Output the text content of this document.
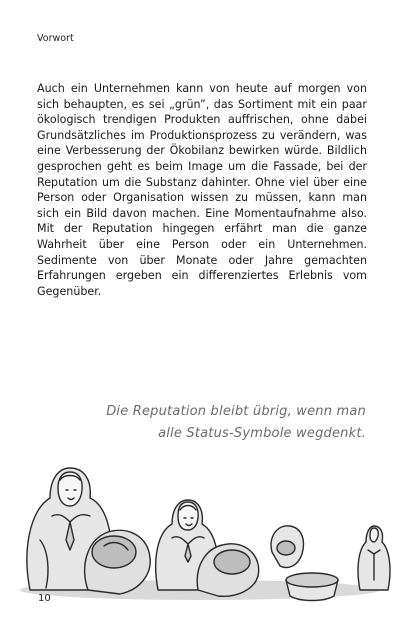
Vorwort

Auch ein Unternehmen kann von heute auf morgen von sich behaupten, es sei „grün”, das Sortiment mit ein paar ökologisch trendigen Produkten auffrischen, ohne dabei Grundsätzliches im Produktionsprozess zu verändern, was eine Verbesserung der Ökobilanz bewirken würde. Bildlich gesprochen geht es beim Image um die Fassade, bei der Reputation um die Substanz dahinter. Ohne viel über eine Person oder Organisation wissen zu müssen, kann man sich ein Bild davon machen. Eine Momentaufnahme also. Mit der Reputation hingegen erfährt man die ganze Wahrheit über eine Person oder ein Unternehmen. Sedimente von über Monate oder Jahre gemachten Erfahrungen ergeben ein differenziertes Erlebnis vom Gegenüber.

Die Reputation bleibt übrig, wenn man
alle Status-Symbole wegdenkt.
10
